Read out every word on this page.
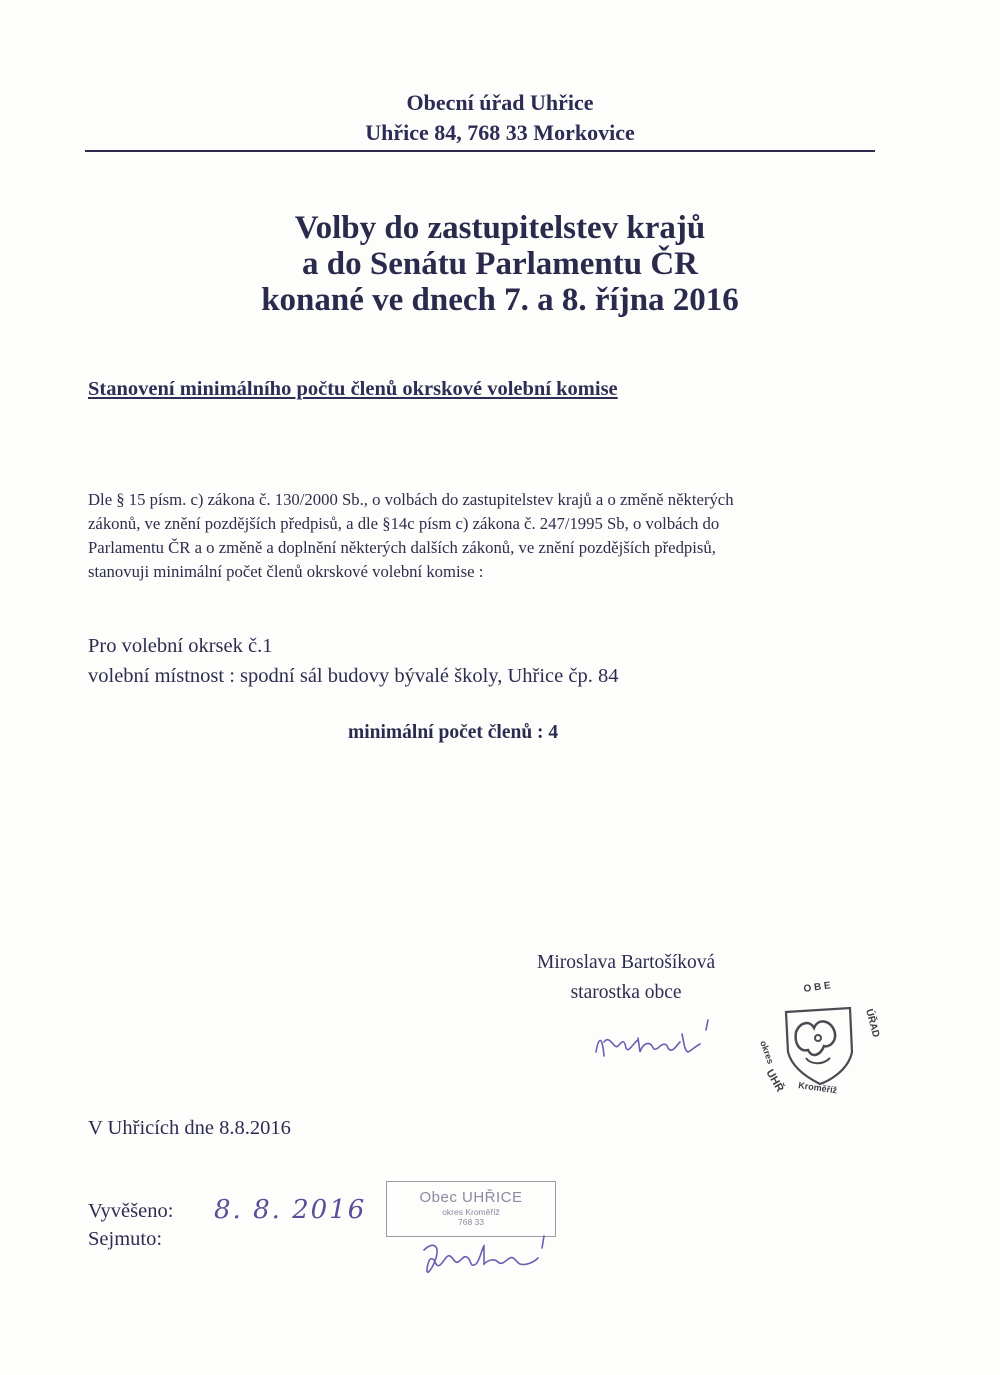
Obecní úřad Uhřice
Uhřice 84, 768 33 Morkovice
Volby do zastupitelstev krajů
a do Senátu Parlamentu ČR
konané ve dnech 7. a 8. října 2016
Stanovení minimálního počtu členů okrskové volební komise
Dle § 15 písm. c) zákona č. 130/2000 Sb., o volbách do zastupitelstev krajů a o změně některých
zákonů, ve znění pozdějších předpisů, a dle §14c písm c) zákona č. 247/1995 Sb, o volbách do
Parlamentu ČR a o změně a doplnění některých dalších zákonů, ve znění pozdějších předpisů,
stanovuji minimální počet členů okrskové volební komise :
Pro volební okrsek č.1
volební místnost : spodní sál budovy bývalé školy, Uhřice čp. 84
minimální počet členů : 4
Miroslava Bartošíková
starostka obce	O B E
okres
UHŘ Kroměříž
ÚŘAD
V Uhřicích dne 8.8.2016
Vyvěšeno: 8. 8. 2016
Sejmuto:
Obec UHŘICE
okres Kroměříž
768 33
